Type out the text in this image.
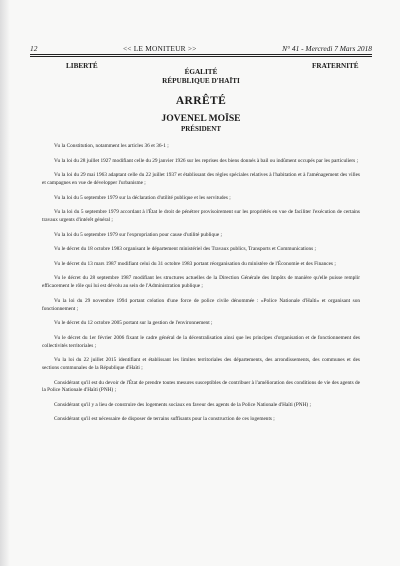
12	<< LE MONITEUR >>	N° 41 - Mercredi 7 Mars 2018
LIBERTÉ
ÉGALITÉ
RÉPUBLIQUE D'HAÏTI
FRATERNITÉ
ARRÊTÉ
JOVENEL MOÏSE
PRÉSIDENT

Vu la Constitution, notamment les articles 36 et 36-1 ;

Vu la loi du 28 juillet 1927 modifiant celle du 29 janvier 1926 sur les reprises des biens donnés à bail ou indûment occupés par les particuliers ;

Vu la loi du 29 mai 1963 adaptant celle du 22 juillet 1937 et établissant des règles spéciales relatives à l'habitation et à l'aménagement des villes et campagnes en vue de développer l'urbanisme ;

Vu la loi du 5 septembre 1979 sur la déclaration d'utilité publique et les servitudes ;

Vu la loi du 5 septembre 1979 accordant à l'État le droit de pénétrer provisoirement sur les propriétés en vue de faciliter l'exécution de certains travaux urgents d'intérêt général ;

Vu la loi du 5 septembre 1979 sur l'expropriation pour cause d'utilité publique ;

Vu le décret du 18 octobre 1983 organisant le département ministériel des Travaux publics, Transports et Communications ;

Vu le décret du 13 mars 1987 modifiant celui du 31 octobre 1983 portant réorganisation du ministère de l'Économie et des Finances ;

Vu le décret du 28 septembre 1987 modifiant les structures actuelles de la Direction Générale des Impôts de manière qu'elle puisse remplir efficacement le rôle qui lui est dévolu au sein de l'Administration publique ;

Vu la loi du 29 novembre 1994 portant création d'une force de police civile dénommée : «Police Nationale d'Haïti» et organisant son fonctionnement ;

Vu le décret du 12 octobre 2005 portant sur la gestion de l'environnement ;

Vu le décret du 1er février 2006 fixant le cadre général de la décentralisation ainsi que les principes d'organisation et de fonctionnement des collectivités territoriales ;

Vu la loi du 22 juillet 2015 identifiant et établissant les limites territoriales des départements, des arrondissements, des communes et des sections communales de la République d'Haïti ;

Considérant qu'il est du devoir de l'État de prendre toutes mesures susceptibles de contribuer à l'amélioration des conditions de vie des agents de la Police Nationale d'Haïti (PNH) ;

Considérant qu'il y a lieu de construire des logements sociaux en faveur des agents de la Police Nationale d'Haïti (PNH) ;

Considérant qu'il est nécessaire de disposer de terrains suffisants pour la construction de ces logements ;
